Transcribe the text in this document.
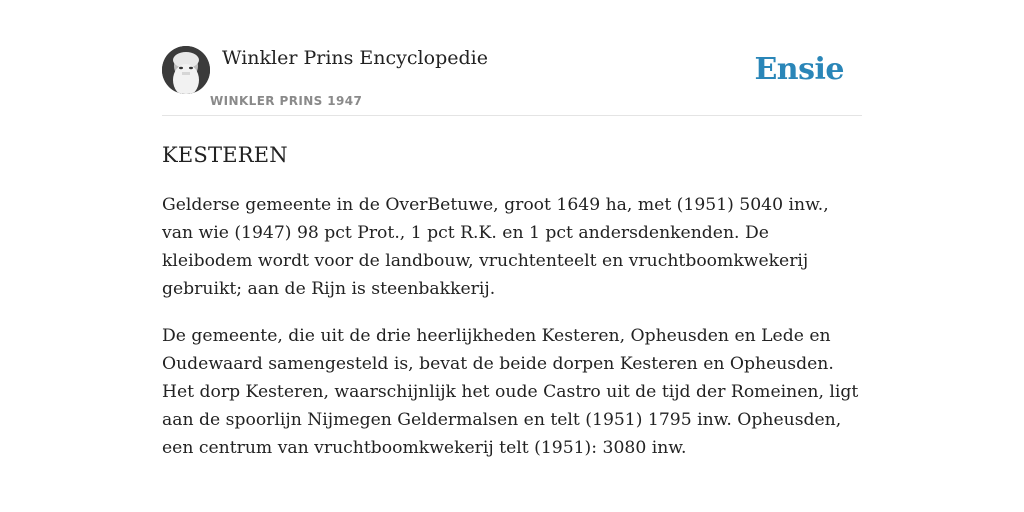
Winkler Prins Encyclopedie
WINKLER PRINS 1947
Ensie
KESTEREN

Gelderse gemeente in de OverBetuwe, groot 1649 ha, met (1951) 5040 inw., van wie (1947) 98 pct Prot., 1 pct R.K. en 1 pct andersdenkenden. De kleibodem wordt voor de landbouw, vruchtenteelt en vruchtboomkwekerij gebruikt; aan de Rijn is steenbakkerij.

De gemeente, die uit de drie heerlijkheden Kesteren, Opheusden en Lede en Oudewaard samengesteld is, bevat de beide dorpen Kesteren en Opheusden. Het dorp Kesteren, waarschijnlijk het oude Castro uit de tijd der Romeinen, ligt aan de spoorlijn Nijmegen Geldermalsen en telt (1951) 1795 inw. Opheusden, een centrum van vruchtboomkwekerij telt (1951): 3080 inw.
